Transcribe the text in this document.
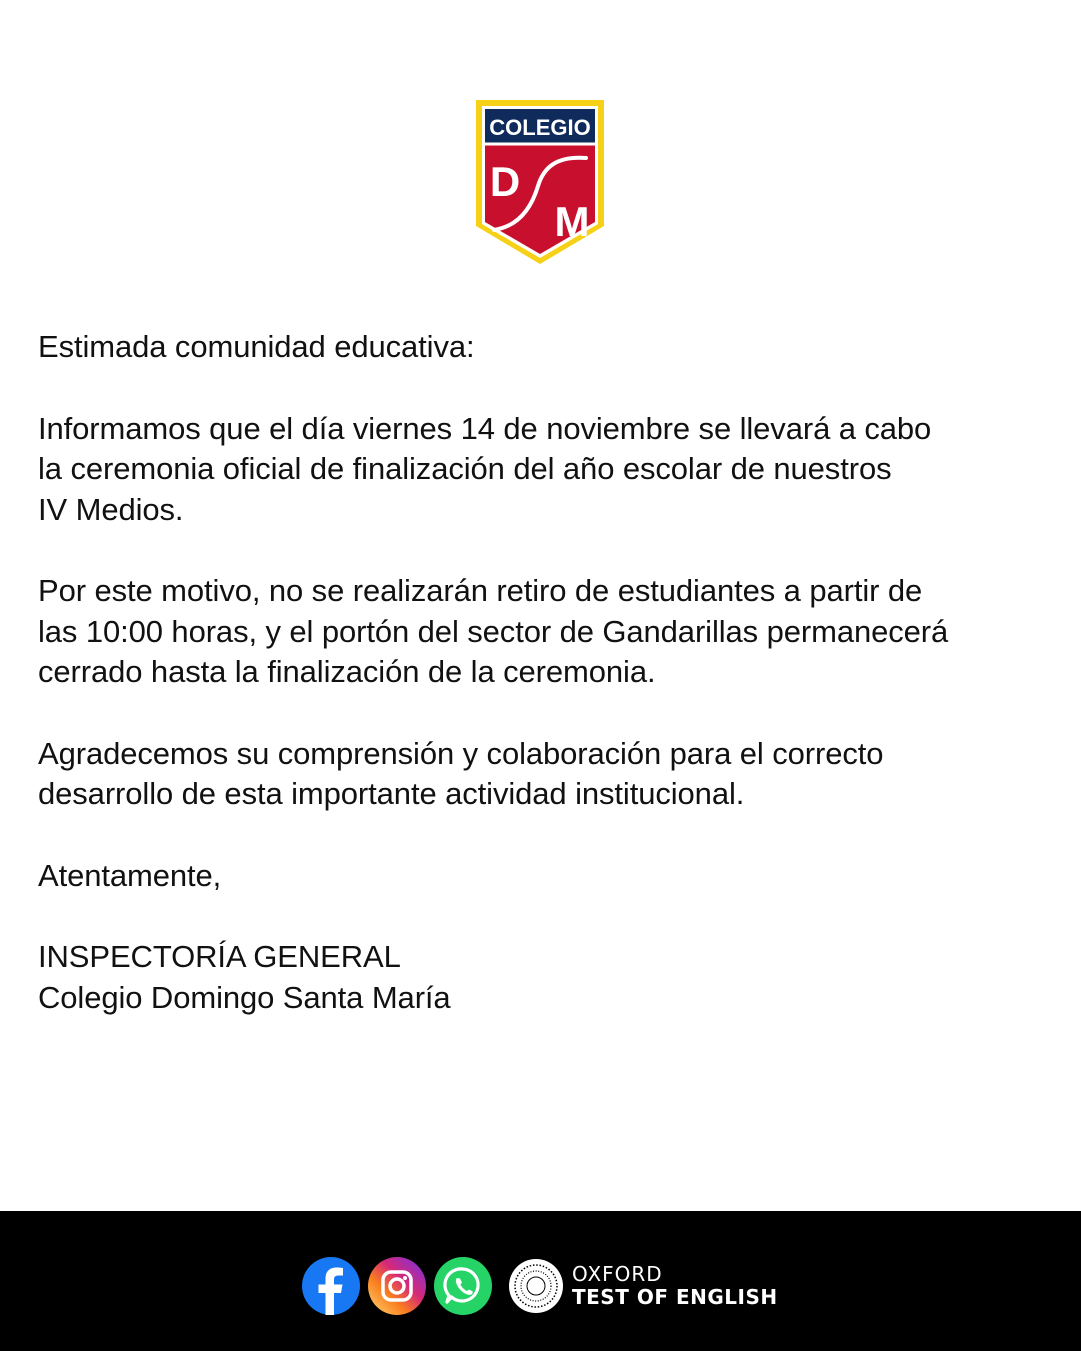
COLEGIO
D
M

Estimada comunidad educativa:

Informamos que el día viernes 14 de noviembre se llevará a cabo
la ceremonia oficial de finalización del año escolar de nuestros
IV Medios.

Por este motivo, no se realizarán retiro de estudiantes a partir de
las 10:00 horas, y el portón del sector de Gandarillas permanecerá
cerrado hasta la finalización de la ceremonia.

Agradecemos su comprensión y colaboración para el correcto
desarrollo de esta importante actividad institucional.

Atentamente,

INSPECTORÍA GENERAL
Colegio Domingo Santa María

OXFORD
TEST OF ENGLISH
